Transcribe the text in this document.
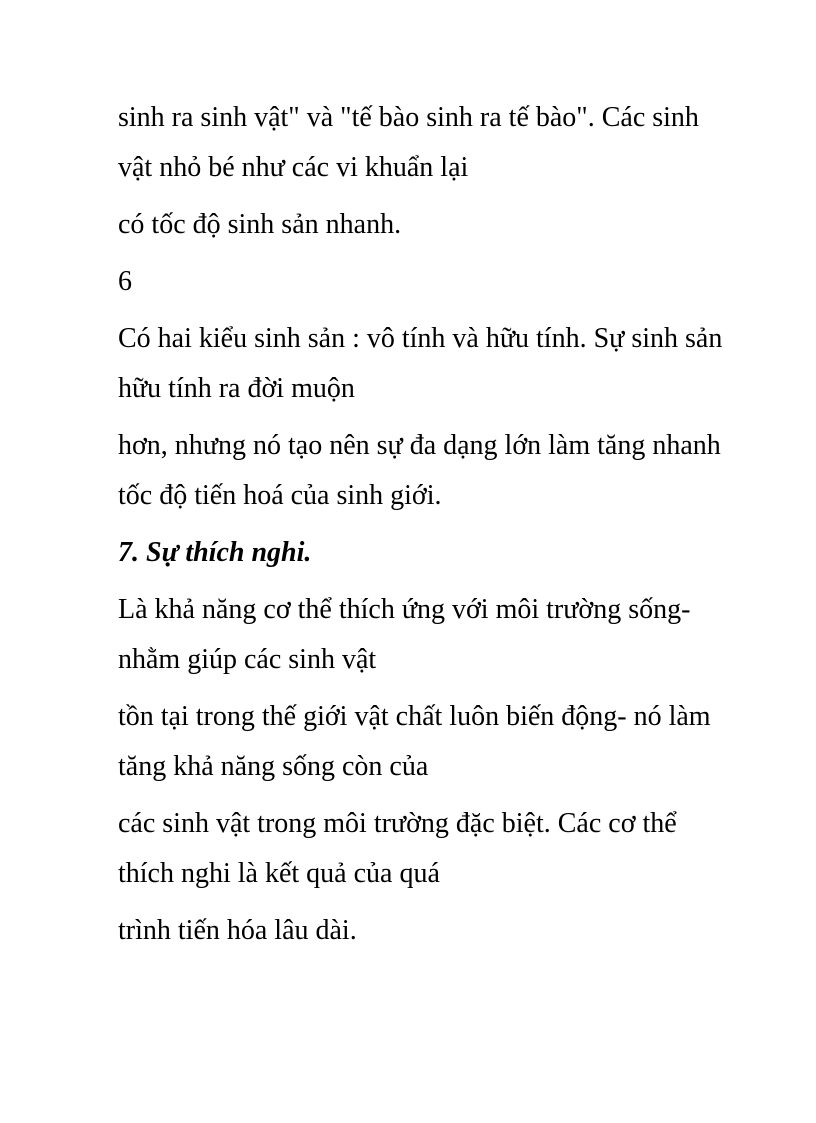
sinh ra sinh vật" và "tế bào sinh ra tế bào". Các sinh

vật nhỏ bé như các vi khuẩn lại

có tốc độ sinh sản nhanh.

6

Có hai kiểu sinh sản : vô tính và hữu tính. Sự sinh sản

hữu tính ra đời muộn

hơn, nhưng nó tạo nên sự đa dạng lớn làm tăng nhanh

tốc độ tiến hoá của sinh giới.

7. Sự thích nghi.

Là khả năng cơ thể thích ứng với môi trường sống-

nhằm giúp các sinh vật

tồn tại trong thế giới vật chất luôn biến động- nó làm

tăng khả năng sống còn của

các sinh vật trong môi trường đặc biệt. Các cơ thể

thích nghi là kết quả của quá

trình tiến hóa lâu dài.
